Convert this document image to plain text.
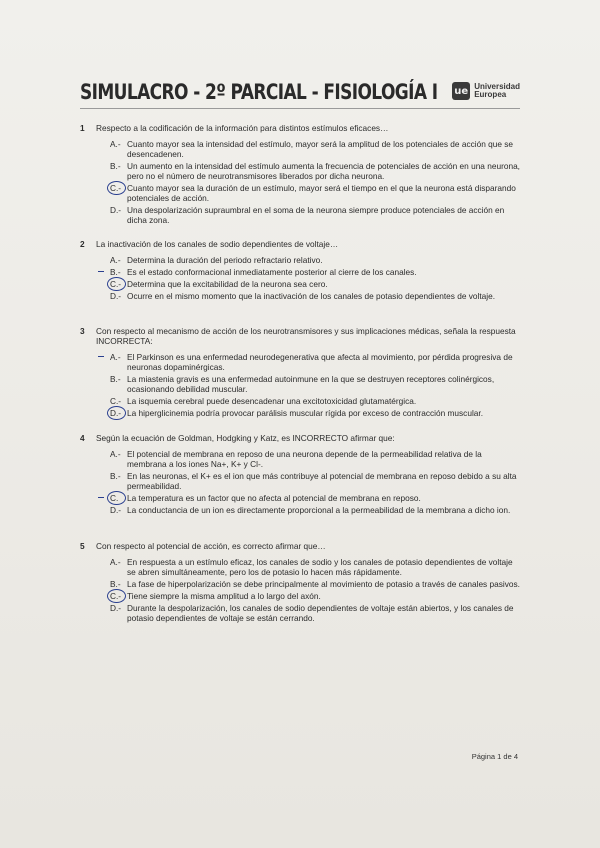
SIMULACRO - 2º PARCIAL - FISIOLOGÍA I ue Universidad
Europea
1	Respecto a la codificación de la información para distintos estímulos eficaces…
A.- Cuanto mayor sea la intensidad del estímulo, mayor será la amplitud de los potenciales de acción que se desencadenen.
B.- Un aumento en la intensidad del estímulo aumenta la frecuencia de potenciales de acción en una neurona, pero no el número de neurotransmisores liberados por dicha neurona.
C.- Cuanto mayor sea la duración de un estímulo, mayor será el tiempo en el que la neurona está disparando potenciales de acción.
D.- Una despolarización supraumbral en el soma de la neurona siempre produce potenciales de acción en dicha zona.
2	La inactivación de los canales de sodio dependientes de voltaje…
A.- Determina la duración del periodo refractario relativo.
B.- Es el estado conformacional inmediatamente posterior al cierre de los canales.
C.- Determina que la excitabilidad de la neurona sea cero.
D.- Ocurre en el mismo momento que la inactivación de los canales de potasio dependientes de voltaje.
3	Con respecto al mecanismo de acción de los neurotransmisores y sus implicaciones médicas, señala la respuesta INCORRECTA:
A.- El Parkinson es una enfermedad neurodegenerativa que afecta al movimiento, por pérdida progresiva de neuronas dopaminérgicas.
B.- La miastenia gravis es una enfermedad autoinmune en la que se destruyen receptores colinérgicos, ocasionando debilidad muscular.
C.- La isquemia cerebral puede desencadenar una excitotoxicidad glutamatérgica.
D.- La hiperglicinemia podría provocar parálisis muscular rígida por exceso de contracción muscular.
4	Según la ecuación de Goldman, Hodgking y Katz, es INCORRECTO afirmar que:
A.- El potencial de membrana en reposo de una neurona depende de la permeabilidad relativa de la membrana a los iones Na+, K+ y Cl-.
B.- En las neuronas, el K+ es el ion que más contribuye al potencial de membrana en reposo debido a su alta permeabilidad.
C.	La temperatura es un factor que no afecta al potencial de membrana en reposo.
D.- La conductancia de un ion es directamente proporcional a la permeabilidad de la membrana a dicho ion.
5	Con respecto al potencial de acción, es correcto afirmar que…
A.- En respuesta a un estímulo eficaz, los canales de sodio y los canales de potasio dependientes de voltaje se abren simultáneamente, pero los de potasio lo hacen más rápidamente.
B.- La fase de hiperpolarización se debe principalmente al movimiento de potasio a través de canales pasivos.
C.- Tiene siempre la misma amplitud a lo largo del axón.
D.- Durante la despolarización, los canales de sodio dependientes de voltaje están abiertos, y los canales de potasio dependientes de voltaje se están cerrando.
Página 1 de 4
